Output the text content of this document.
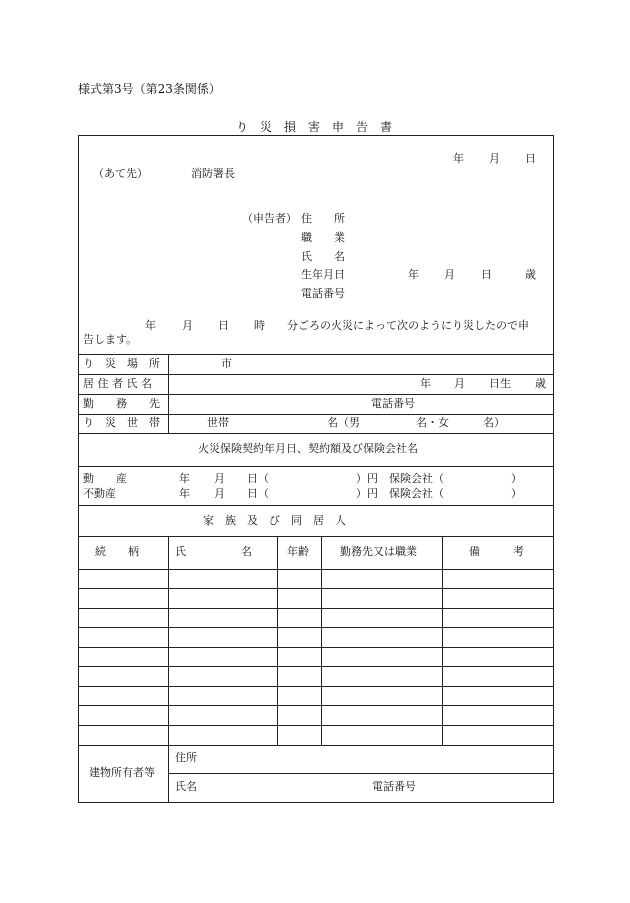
様式第3号（第23条関係）
り　災　損　害　申　告　書
年 月 日
（あて先）	消防署長
（申告者） 住　　所
職　　業
氏　　名
生年月日	年 月 日	歳
電話番号
年 月 日 時 分ごろの火災によって次のようにり災したので申
告します。
り　災　場　所	市
居 住 者 氏 名	年 月 日生 歳
勤　　務　　先	電話番号
り　災　世　帯	世帯	名（男	名・女	名）
火災保険契約年月日、契約額及び保険会社名
動　　産	年 月 日（	）円 保険会社（	）
不動産	年 月 日（	）円 保険会社（	）
家　族　及　び　同　居　人
続　　柄	氏　　　　　名	年齢	勤務先又は職業	備　　　考
建物所有者等
住所
氏名	電話番号
